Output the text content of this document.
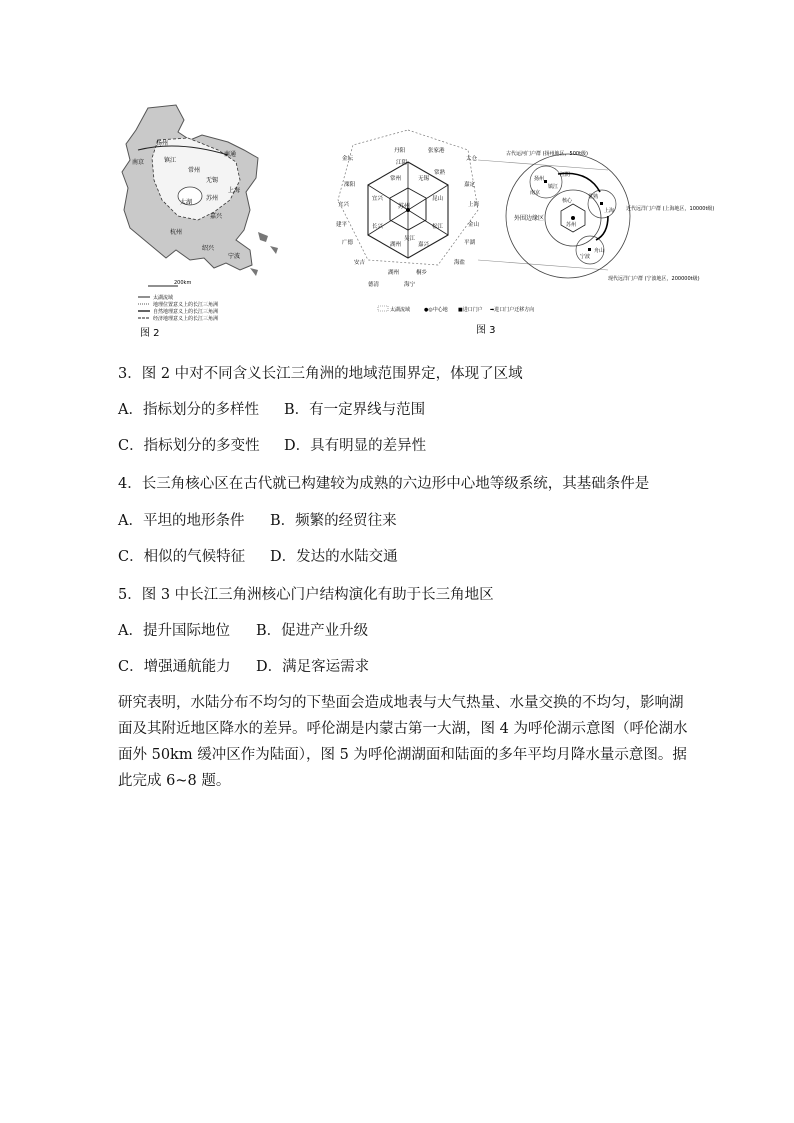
扬州
南通
南京	镇江
常州
无锡
上海
太湖
苏州
嘉兴
杭州
绍兴
宁波
200km
太湖流域
地理位置意义上的长江三角洲
自然地理意义上的长江三角洲
经济地理意义上的长江三角洲
图 2
苏州
丹阳	张家港
太仓
金坛
江阴
常熟
溧阳	嘉定
宜兴	上海
建平	金山
广德	平湖
安吉	海盐
湖州	桐乡
海宁
德清
常州	无锡
宜兴	昆山
长兴	松江
湖州	嘉兴
吴江
扬州
镇江
江阴
南京
常熟
上海
苏州
宁波
舟山
核心
外围边缘区
古代运河门户群 (扬州地区，500t级)
近代远洋门户群 (上海地区，10000t级)
现代远洋门户群 (宁波地区，200000t级)
太湖流域	●◎中心地 ■进口门户 ➡进口门户迁移方向
图 3
3．图 2 中对不同含义长江三角洲的地域范围界定，体现了区域
A．指标划分的多样性 B．有一定界线与范围
C．指标划分的多变性 D．具有明显的差异性
4．长三角核心区在古代就已构建较为成熟的六边形中心地等级系统，其基础条件是
A．平坦的地形条件 B．频繁的经贸往来
C．相似的气候特征 D．发达的水陆交通
5．图 3 中长江三角洲核心门户结构演化有助于长三角地区
A．提升国际地位 B．促进产业升级
C．增强通航能力 D．满足客运需求
研究表明，水陆分布不均匀的下垫面会造成地表与大气热量、水量交换的不均匀，影响湖面及其附近地区降水的差异。呼伦湖是内蒙古第一大湖，图 4 为呼伦湖示意图（呼伦湖水面外 50km 缓冲区作为陆面），图 5 为呼伦湖湖面和陆面的多年平均月降水量示意图。据此完成 6~8 题。
